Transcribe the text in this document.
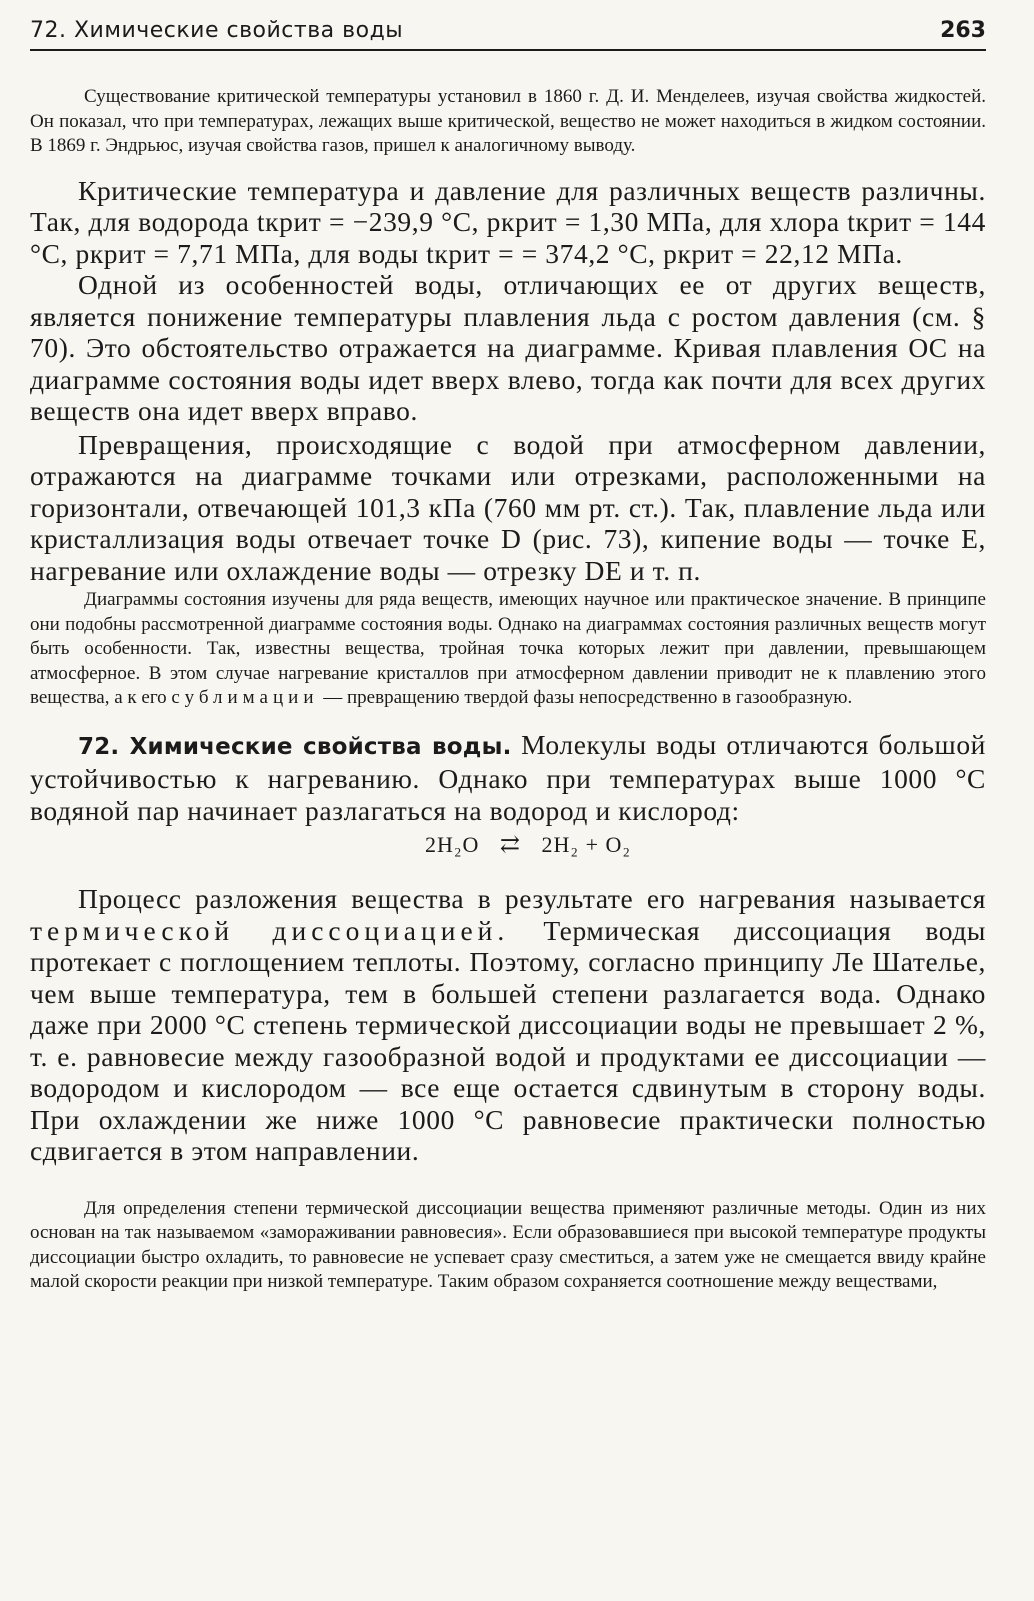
72. Химические свойства воды	263

Существование критической температуры установил в 1860 г. Д. И. Менделеев, изучая свойства жидкостей. Он показал, что при температурах, лежащих выше критической, вещество не может находиться в жидком состоянии. В 1869 г. Эндрьюс, изучая свойства газов, пришел к аналогичному выводу.

Критические температура и давление для различных веществ различны. Так, для водорода tкрит = −239,9 °C, pкрит = 1,30 МПа, для хлора tкрит = 144 °C, pкрит = 7,71 МПа, для воды tкрит = = 374,2 °C, pкрит = 22,12 МПа.

Одной из особенностей воды, отличающих ее от других веществ, является понижение температуры плавления льда с ростом давления (см. § 70). Это обстоятельство отражается на диаграмме. Кривая плавления OC на диаграмме состояния воды идет вверх влево, тогда как почти для всех других веществ она идет вверх вправо.

Превращения, происходящие с водой при атмосферном давлении, отражаются на диаграмме точками или отрезками, расположенными на горизонтали, отвечающей 101,3 кПа (760 мм рт. ст.). Так, плавление льда или кристаллизация воды отвечает точке D (рис. 73), кипение воды — точке E, нагревание или охлаждение воды — отрезку DE и т. п.

Диаграммы состояния изучены для ряда веществ, имеющих научное или практическое значение. В принципе они подобны рассмотренной диаграмме состояния воды. Однако на диаграммах состояния различных веществ могут быть особенности. Так, известны вещества, тройная точка которых лежит при давлении, превышающем атмосферное. В этом случае нагревание кристаллов при атмосферном давлении приводит не к плавлению этого вещества, а к его сублимации — превращению твердой фазы непосредственно в газообразную.

72. Химические свойства воды. Молекулы воды отличаются большой устойчивостью к нагреванию. Однако при температурах выше 1000 °C водяной пар начинает разлагаться на водород и кислород:

2H₂O ⇄ 2H₂ + O₂

Процесс разложения вещества в результате его нагревания называется термической диссоциацией. Термическая диссоциация воды протекает с поглощением теплоты. Поэтому, согласно принципу Ле Шателье, чем выше температура, тем в большей степени разлагается вода. Однако даже при 2000 °C степень термической диссоциации воды не превышает 2 %, т. е. равновесие между газообразной водой и продуктами ее диссоциации — водородом и кислородом — все еще остается сдвинутым в сторону воды. При охлаждении же ниже 1000 °C равновесие практически полностью сдвигается в этом направлении.

Для определения степени термической диссоциации вещества применяют различные методы. Один из них основан на так называемом «замораживании равновесия». Если образовавшиеся при высокой температуре продукты диссоциации быстро охладить, то равновесие не успевает сразу сместиться, а затем уже не смещается ввиду крайне малой скорости реакции при низкой температуре. Таким образом сохраняется соотношение между веществами,
